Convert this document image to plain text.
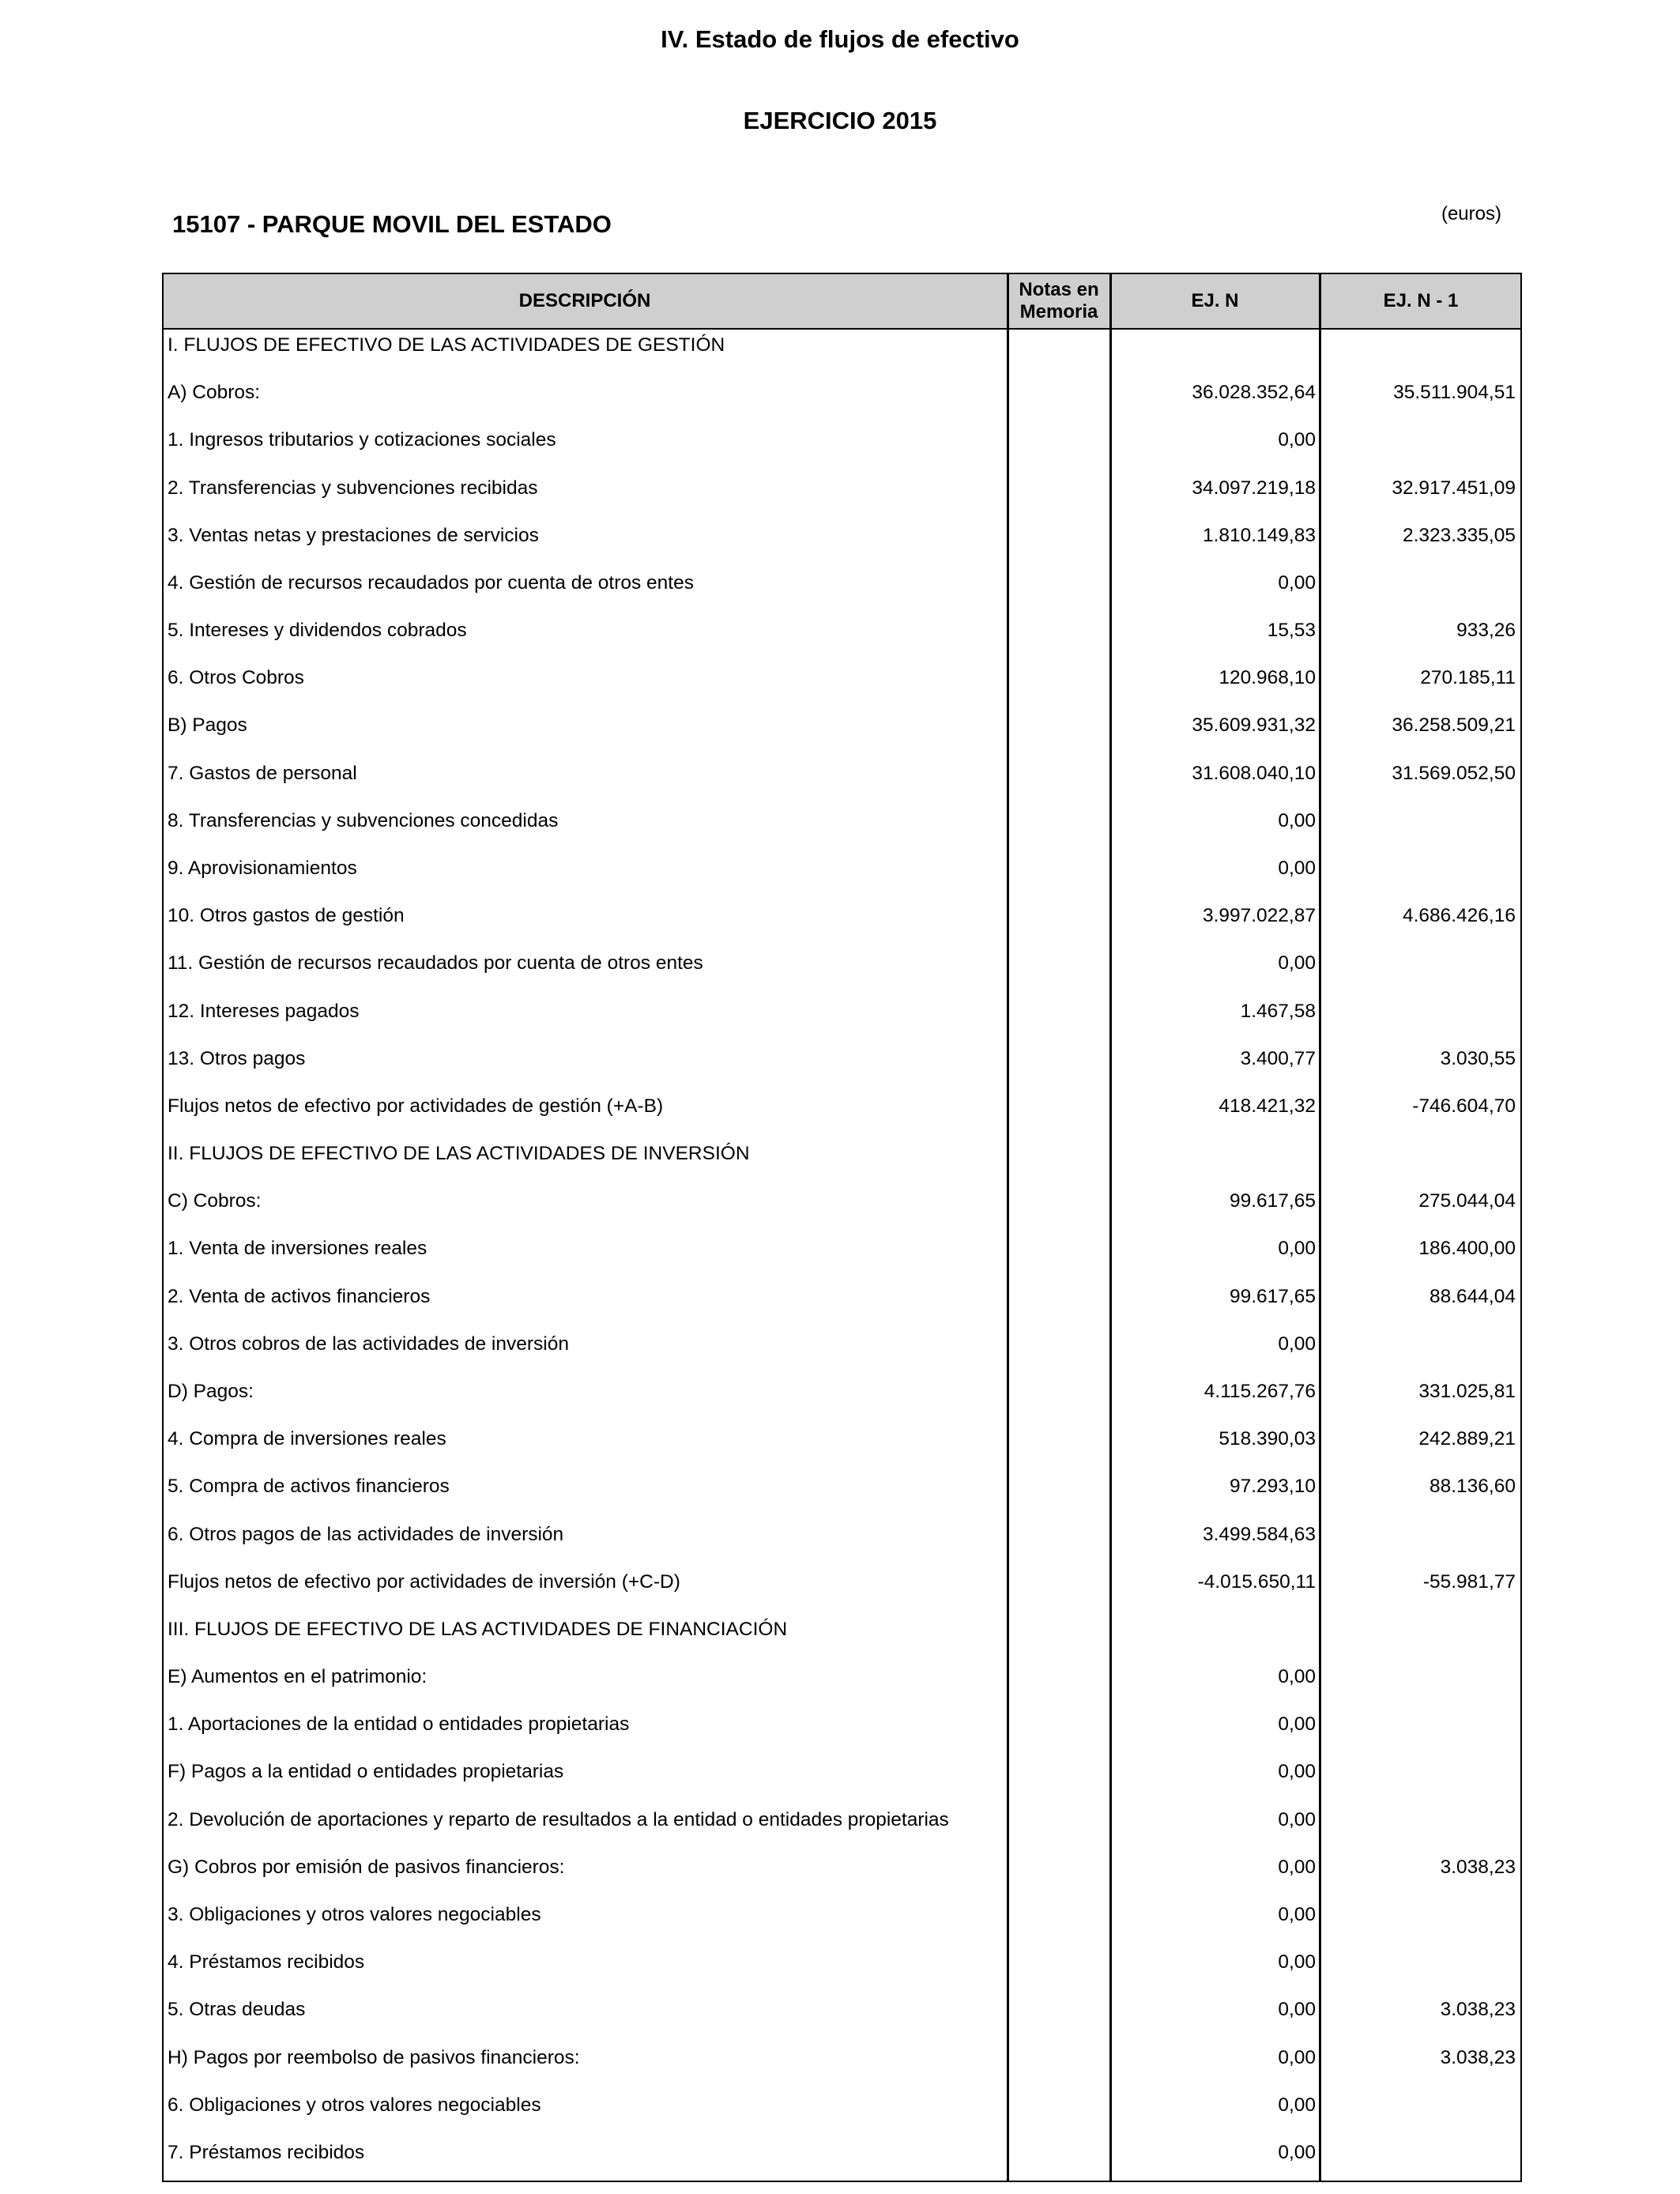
IV. Estado de flujos de efectivo
EJERCICIO 2015
15107 - PARQUE MOVIL DEL ESTADO	(euros)
DESCRIPCIÓN
Notas en
Memoria
EJ. N	EJ. N - 1
I. FLUJOS DE EFECTIVO DE LAS ACTIVIDADES DE GESTIÓN
A) Cobros:	36.028.352,64	35.511.904,51
1. Ingresos tributarios y cotizaciones sociales	0,00
2. Transferencias y subvenciones recibidas	34.097.219,18	32.917.451,09
3. Ventas netas y prestaciones de servicios	1.810.149,83	2.323.335,05
4. Gestión de recursos recaudados por cuenta de otros entes	0,00
5. Intereses y dividendos cobrados	15,53	933,26
6. Otros Cobros	120.968,10	270.185,11
B) Pagos	35.609.931,32	36.258.509,21
7. Gastos de personal	31.608.040,10	31.569.052,50
8. Transferencias y subvenciones concedidas	0,00
9. Aprovisionamientos	0,00
10. Otros gastos de gestión	3.997.022,87	4.686.426,16
11. Gestión de recursos recaudados por cuenta de otros entes	0,00
12. Intereses pagados	1.467,58
13. Otros pagos	3.400,77	3.030,55
Flujos netos de efectivo por actividades de gestión (+A-B)	418.421,32	-746.604,70
II. FLUJOS DE EFECTIVO DE LAS ACTIVIDADES DE INVERSIÓN
C) Cobros:	99.617,65	275.044,04
1. Venta de inversiones reales	0,00	186.400,00
2. Venta de activos financieros	99.617,65	88.644,04
3. Otros cobros de las actividades de inversión	0,00
D) Pagos:	4.115.267,76	331.025,81
4. Compra de inversiones reales	518.390,03	242.889,21
5. Compra de activos financieros	97.293,10	88.136,60
6. Otros pagos de las actividades de inversión	3.499.584,63
Flujos netos de efectivo por actividades de inversión (+C-D)	-4.015.650,11	-55.981,77
III. FLUJOS DE EFECTIVO DE LAS ACTIVIDADES DE FINANCIACIÓN
E) Aumentos en el patrimonio:	0,00
1. Aportaciones de la entidad o entidades propietarias	0,00
F) Pagos a la entidad o entidades propietarias	0,00
2. Devolución de aportaciones y reparto de resultados a la entidad o entidades propietarias	0,00
G) Cobros por emisión de pasivos financieros:	0,00	3.038,23
3. Obligaciones y otros valores negociables	0,00
4. Préstamos recibidos	0,00
5. Otras deudas	0,00	3.038,23
H) Pagos por reembolso de pasivos financieros:	0,00	3.038,23
6. Obligaciones y otros valores negociables	0,00
7. Préstamos recibidos	0,00
